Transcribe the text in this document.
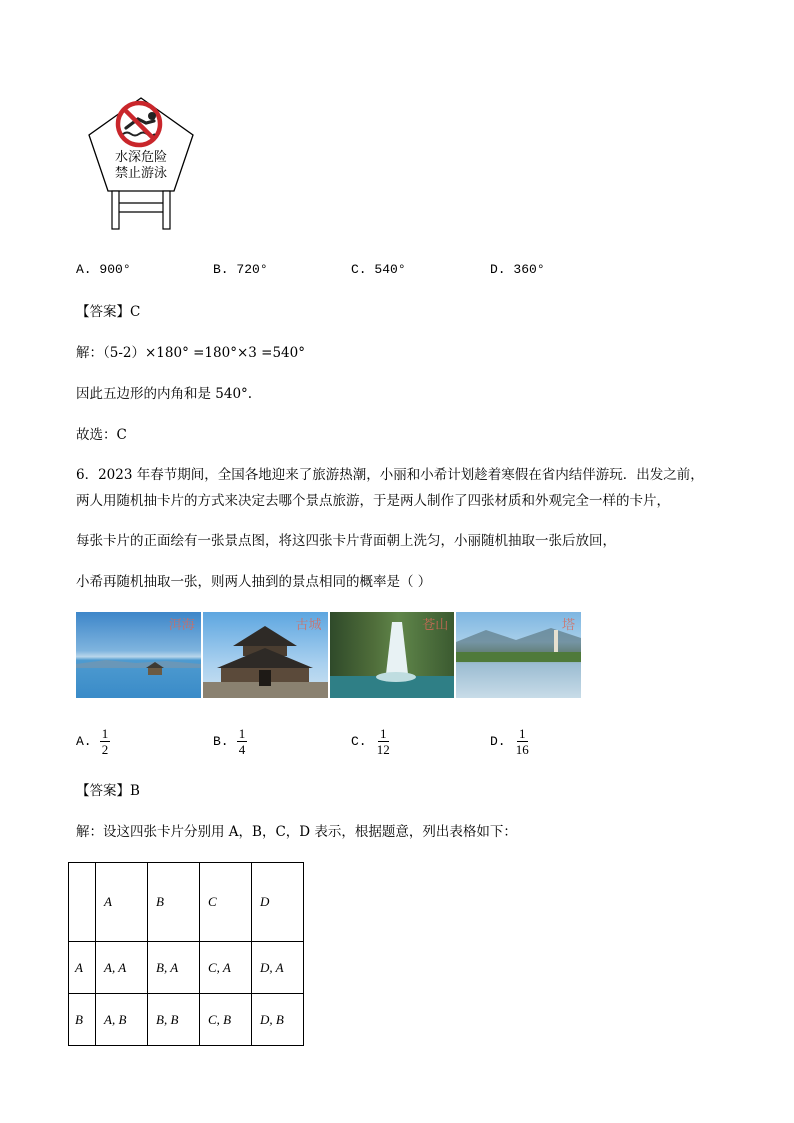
水深危险
禁止游泳
A. 900°	B. 720°	C. 540°	D. 360°
【答案】C
解：（5-2）×180° =180°×3 =540°
因此五边形的内角和是 540°.
故选：C
6．2023 年春节期间，全国各地迎来了旅游热潮，小丽和小希计划趁着寒假在省内结伴游玩．出发之前，
两人用随机抽卡片的方式来决定去哪个景点旅游，于是两人制作了四张材质和外观完全一样的卡片，
每张卡片的正面绘有一张景点图，将这四张卡片背面朝上洗匀，小丽随机抽取一张后放回，
小希再随机抽取一张，则两人抽到的景点相同的概率是（ ）
洱海	古城	苍山	塔
A. $\frac{1}{2}$	B. $\frac{1}{4}$	C. $\frac{1}{12}$	D. $\frac{1}{16}$
【答案】B
解：设这四张卡片分别用 A，B，C，D 表示，根据题意，列出表格如下：
	A	B	C	D
A	A, A	B, A	C, A	D, A
B	A, B	B, B	C, B	D, B
